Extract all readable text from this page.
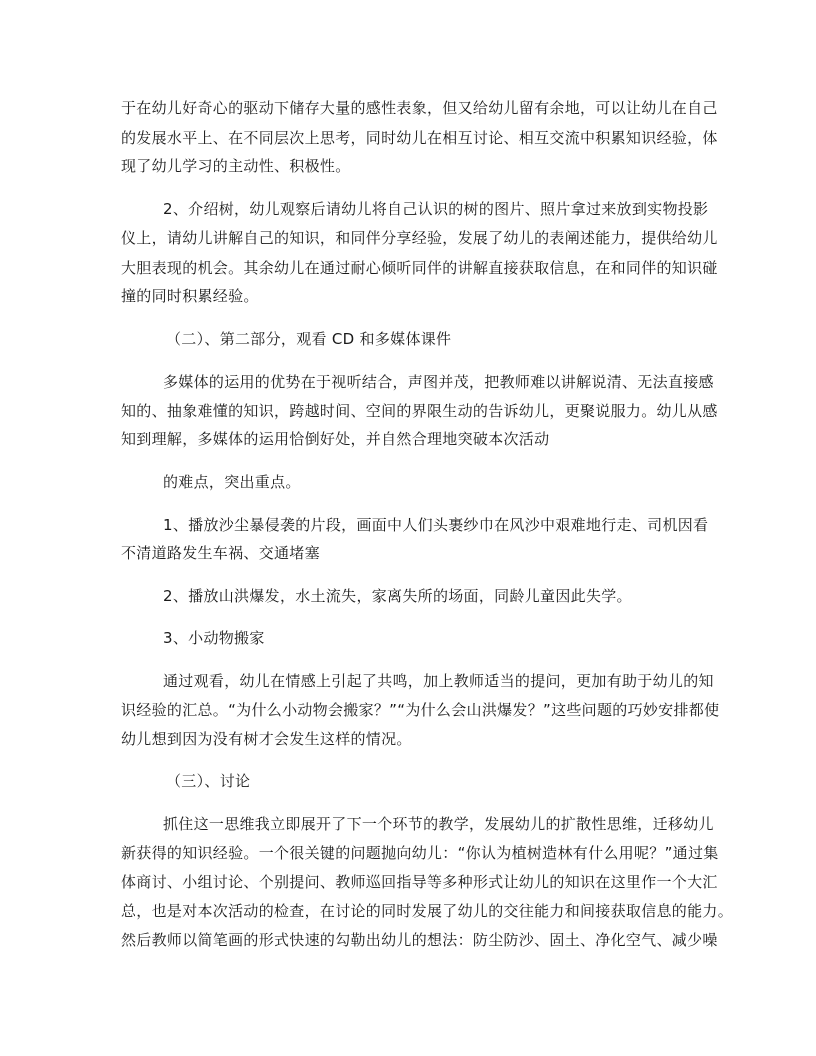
于在幼儿好奇心的驱动下储存大量的感性表象，但又给幼儿留有余地，可以让幼儿在自己

的发展水平上、在不同层次上思考，同时幼儿在相互讨论、相互交流中积累知识经验，体

现了幼儿学习的主动性、积极性。

2、介绍树，幼儿观察后请幼儿将自己认识的树的图片、照片拿过来放到实物投影

仪上，请幼儿讲解自己的知识，和同伴分享经验，发展了幼儿的表阐述能力，提供给幼儿

大胆表现的机会。其余幼儿在通过耐心倾听同伴的讲解直接获取信息，在和同伴的知识碰

撞的同时积累经验。

（二）、第二部分，观看 CD 和多媒体课件

多媒体的运用的优势在于视听结合，声图并茂，把教师难以讲解说清、无法直接感

知的、抽象难懂的知识，跨越时间、空间的界限生动的告诉幼儿，更聚说服力。幼儿从感

知到理解，多媒体的运用恰倒好处，并自然合理地突破本次活动

的难点，突出重点。

1、播放沙尘暴侵袭的片段，画面中人们头裹纱巾在风沙中艰难地行走、司机因看

不清道路发生车祸、交通堵塞

2、播放山洪爆发，水土流失，家离失所的场面，同龄儿童因此失学。

3、小动物搬家

通过观看，幼儿在情感上引起了共鸣，加上教师适当的提问，更加有助于幼儿的知

识经验的汇总。“为什么小动物会搬家？”“为什么会山洪爆发？”这些问题的巧妙安排都使

幼儿想到因为没有树才会发生这样的情况。

（三）、讨论

抓住这一思维我立即展开了下一个环节的教学，发展幼儿的扩散性思维，迁移幼儿

新获得的知识经验。一个很关键的问题抛向幼儿：“你认为植树造林有什么用呢？”通过集

体商讨、小组讨论、个别提问、教师巡回指导等多种形式让幼儿的知识在这里作一个大汇

总，也是对本次活动的检查，在讨论的同时发展了幼儿的交往能力和间接获取信息的能力。

然后教师以简笔画的形式快速的勾勒出幼儿的想法：防尘防沙、固土、净化空气、减少噪
